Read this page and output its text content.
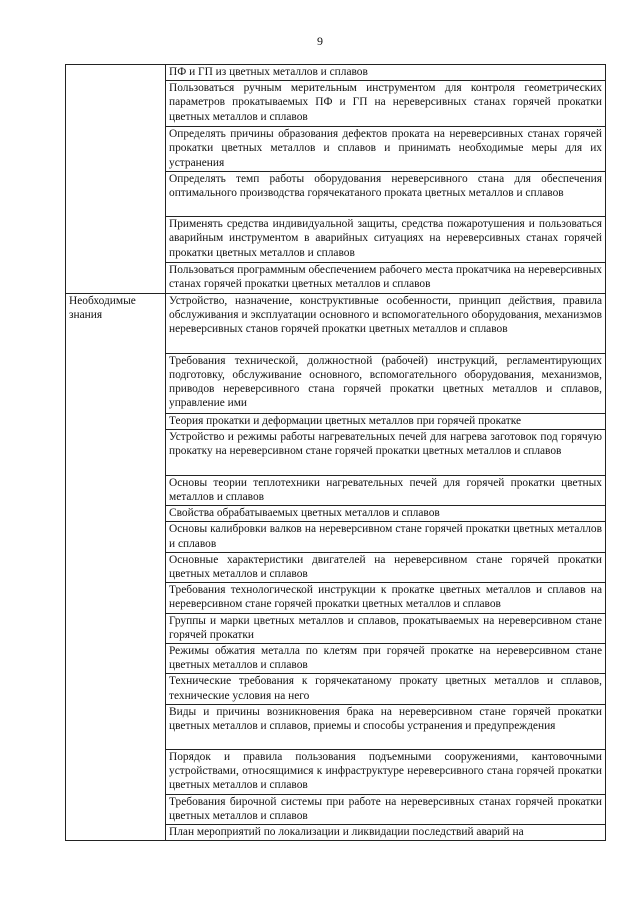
9

	ПФ и ГП из цветных металлов и сплавов

	Пользоваться ручным мерительным инструментом для контроля геометрических параметров прокатываемых ПФ и ГП на нереверсивных станах горячей прокатки цветных металлов и сплавов

	Определять причины образования дефектов проката на нереверсивных станах горячей прокатки цветных металлов и сплавов и принимать необходимые меры для их устранения

	Определять темп работы оборудования нереверсивного стана для обеспечения оптимального производства горячекатаного проката цветных металлов и сплавов

	Применять средства индивидуальной защиты, средства пожаротушения и пользоваться аварийным инструментом в аварийных ситуациях на нереверсивных станах горячей прокатки цветных металлов и сплавов

	Пользоваться программным обеспечением рабочего места прокатчика на нереверсивных станах горячей прокатки цветных металлов и сплавов

Необходимые знания	Устройство, назначение, конструктивные особенности, принцип действия, правила обслуживания и эксплуатации основного и вспомогательного оборудования, механизмов нереверсивных станов горячей прокатки цветных металлов и сплавов

	Требования технической, должностной (рабочей) инструкций, регламентирующих подготовку, обслуживание основного, вспомогательного оборудования, механизмов, приводов нереверсивного стана горячей прокатки цветных металлов и сплавов, управление ими

	Теория прокатки и деформации цветных металлов при горячей прокатке

	Устройство и режимы работы нагревательных печей для нагрева заготовок под горячую прокатку на нереверсивном стане горячей прокатки цветных металлов и сплавов

	Основы теории теплотехники нагревательных печей для горячей прокатки цветных металлов и сплавов

	Свойства обрабатываемых цветных металлов и сплавов

	Основы калибровки валков на нереверсивном стане горячей прокатки цветных металлов и сплавов

	Основные характеристики двигателей на нереверсивном стане горячей прокатки цветных металлов и сплавов

	Требования технологической инструкции к прокатке цветных металлов и сплавов на нереверсивном стане горячей прокатки цветных металлов и сплавов

	Группы и марки цветных металлов и сплавов, прокатываемых на нереверсивном стане горячей прокатки

	Режимы обжатия металла по клетям при горячей прокатке на нереверсивном стане цветных металлов и сплавов

	Технические требования к горячекатаному прокату цветных металлов и сплавов, технические условия на него

	Виды и причины возникновения брака на нереверсивном стане горячей прокатки цветных металлов и сплавов, приемы и способы устранения и предупреждения

	Порядок и правила пользования подъемными сооружениями, кантовочными устройствами, относящимися к инфраструктуре нереверсивного стана горячей прокатки цветных металлов и сплавов

	Требования бирочной системы при работе на нереверсивных станах горячей прокатки цветных металлов и сплавов

	План мероприятий по локализации и ликвидации последствий аварий на
